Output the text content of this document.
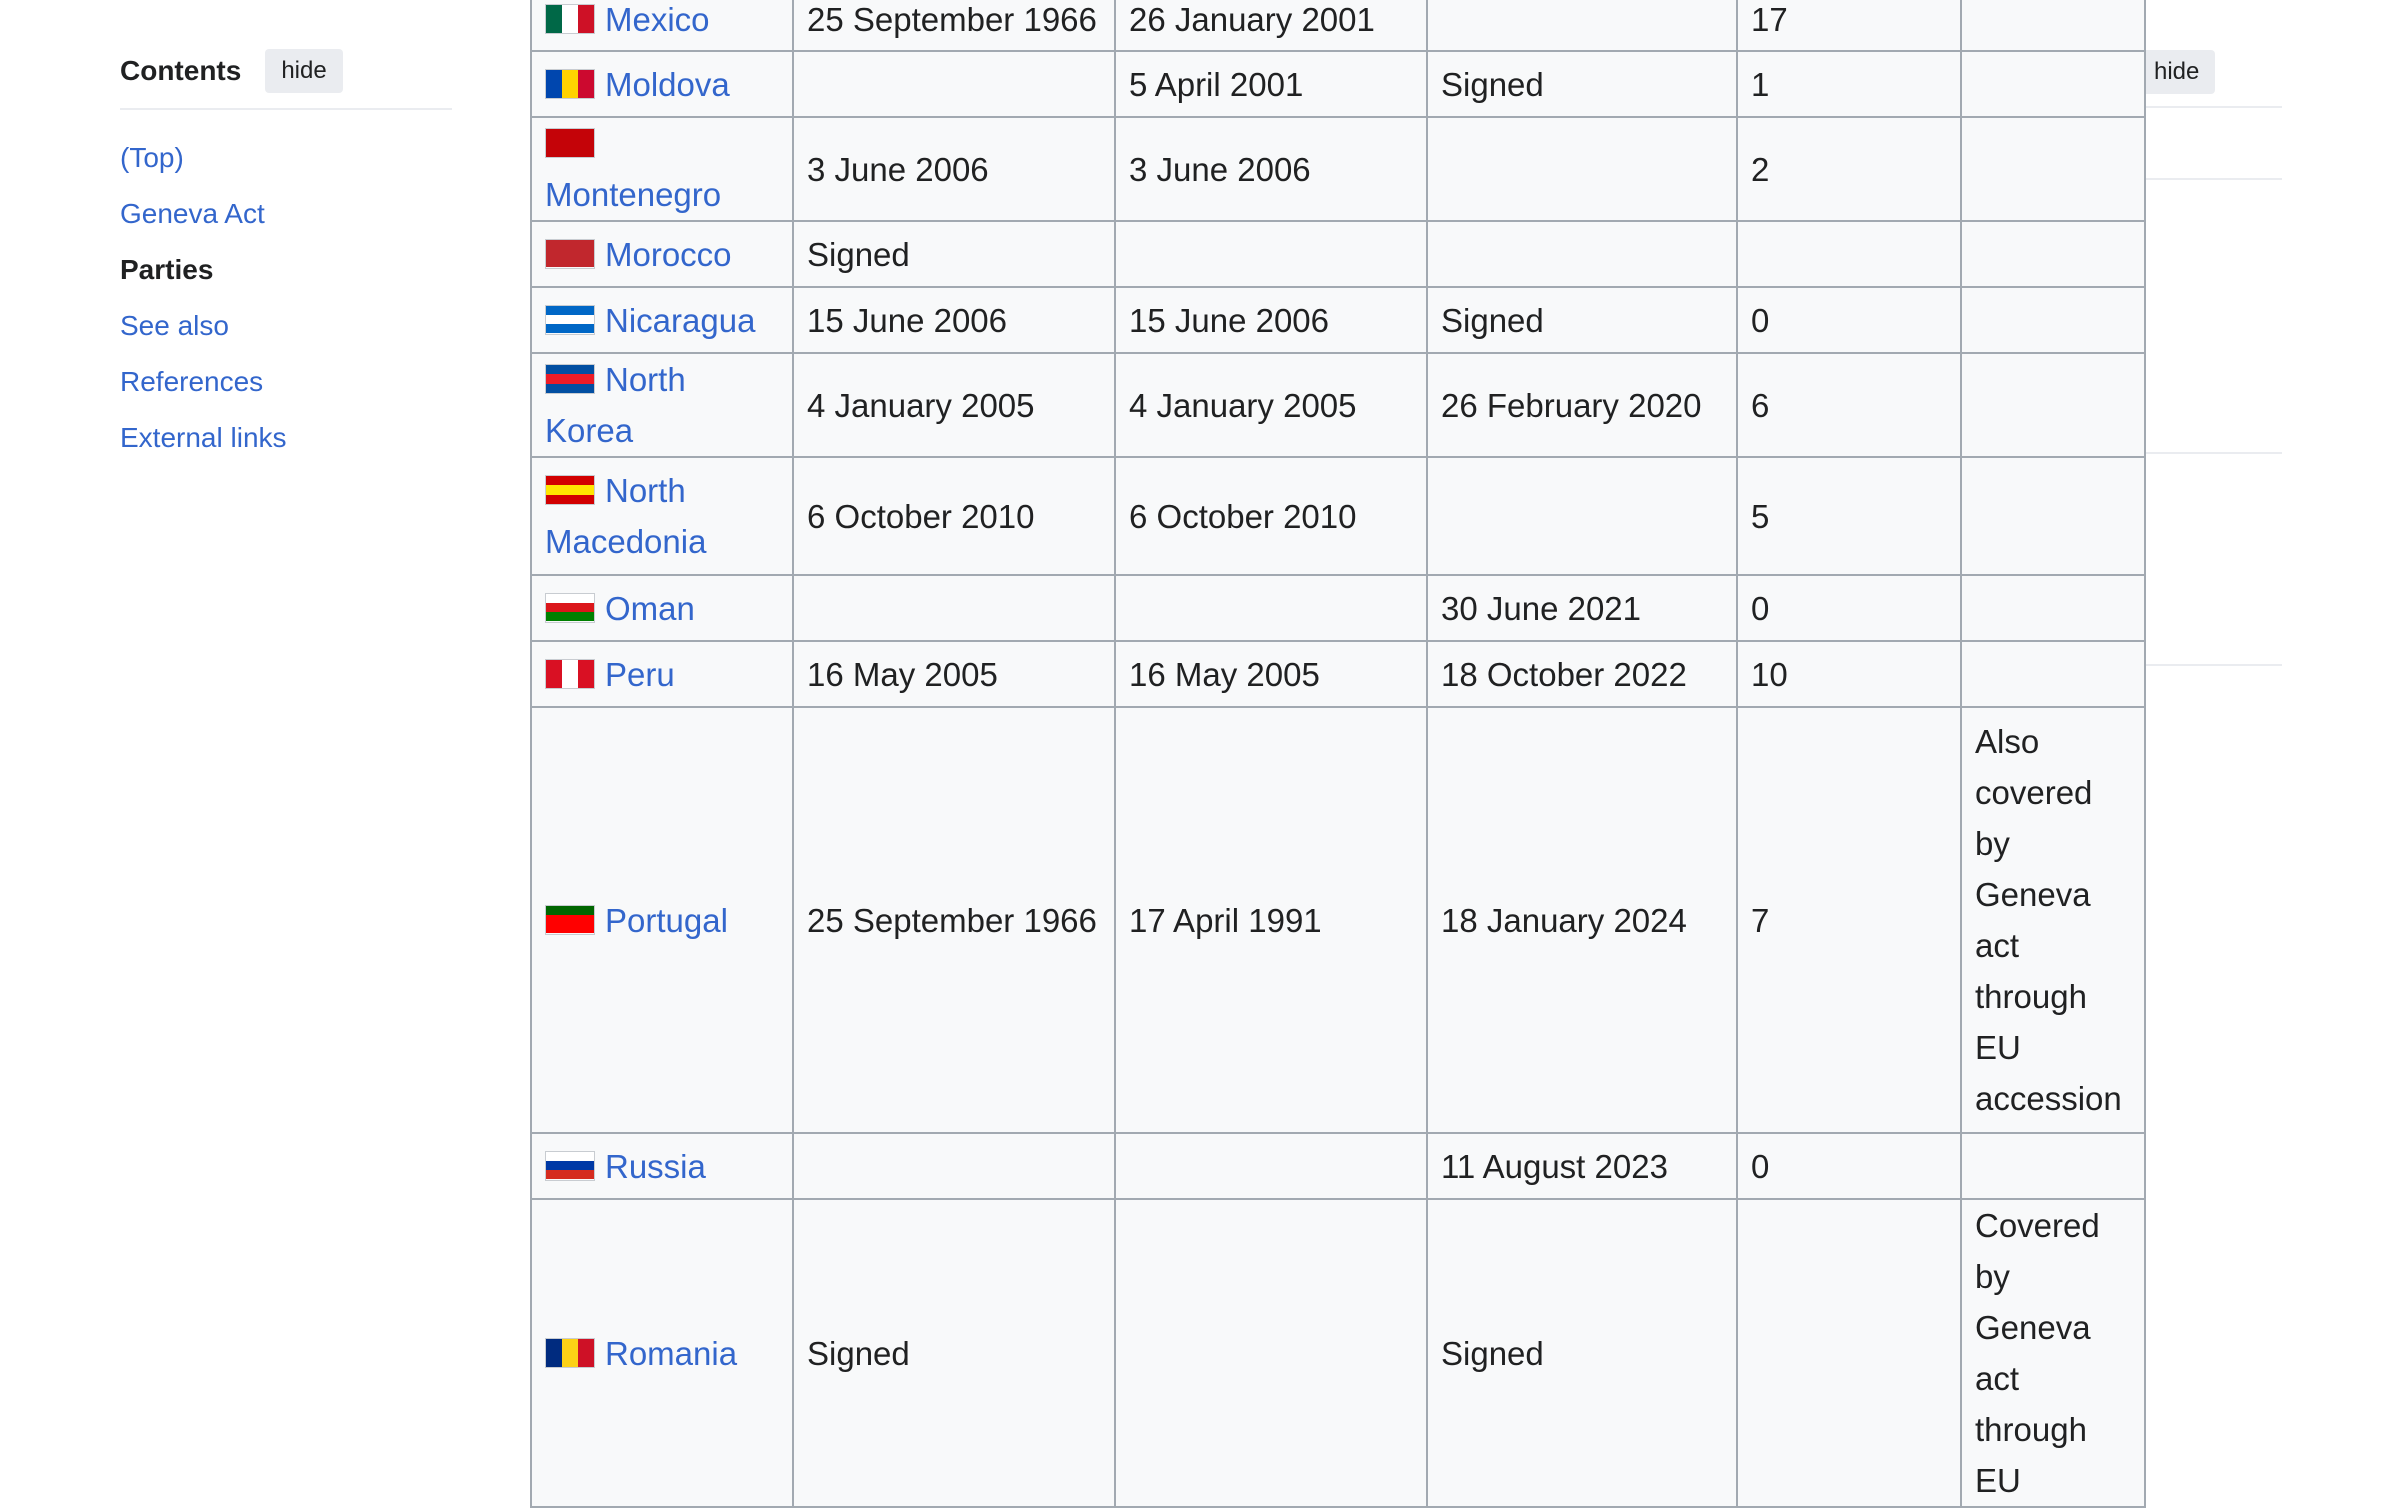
Contents	hide
(Top)
Geneva Act
Parties
See also
References
External links
hide
Mexico	25 September 1966	26 January 2001		17	

Moldova		5 April 2001	Signed	1	

Montenegro	3 June 2006	3 June 2006		2	

Morocco	Signed				

Nicaragua	15 June 2006	15 June 2006	Signed	0	

North Korea	4 January 2005	4 January 2005	26 February 2020	6	

North Macedonia	6 October 2010	6 October 2010		5	

Oman			30 June 2021	0	

Peru	16 May 2005	16 May 2005	18 October 2022	10	

Portugal	25 September 1966	17 April 1991	18 January 2024	7	Also covered by Geneva act through EU accession

Russia			11 August 2023	0	

Romania	Signed		Signed		Covered by Geneva act through EU
